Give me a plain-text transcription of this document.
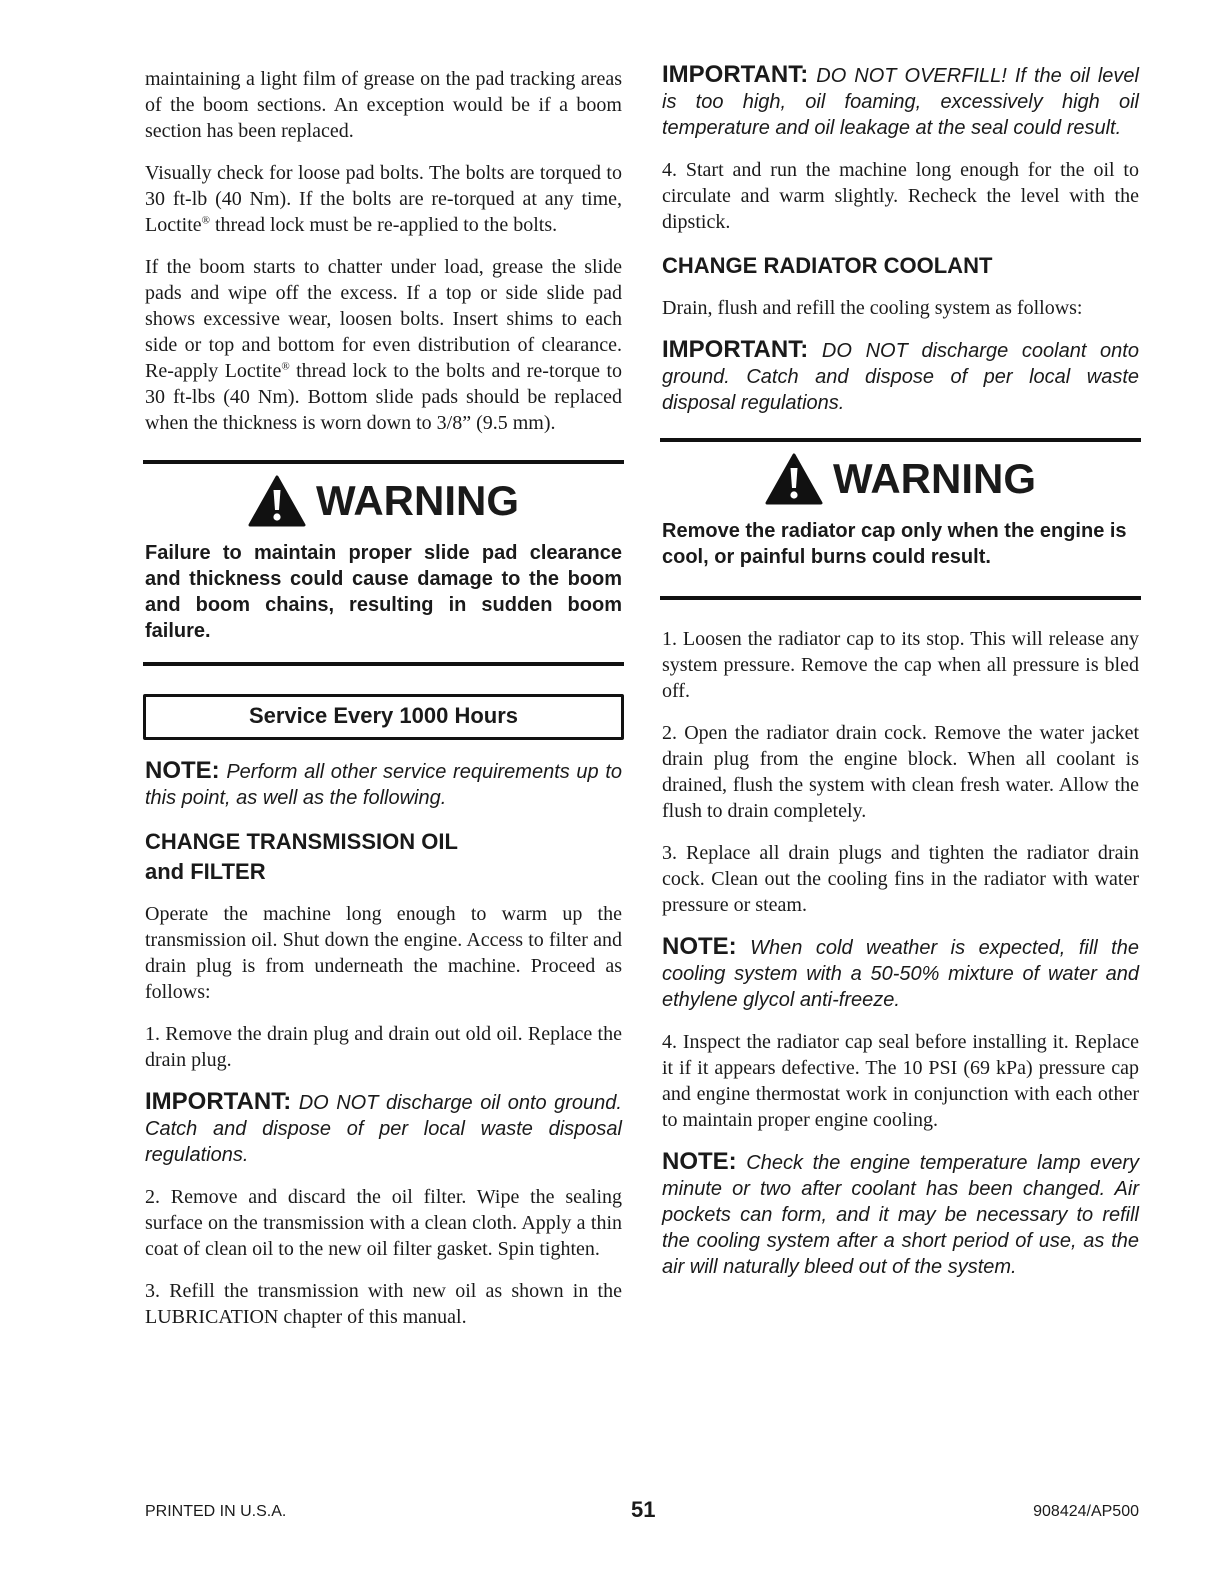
maintaining a light film of grease on the pad tracking areas of the boom sections. An exception would be if a boom section has been replaced.

Visually check for loose pad bolts. The bolts are torqued to 30 ft-lb (40 Nm). If the bolts are re-torqued at any time, Loctite® thread lock must be re-applied to the bolts.

If the boom starts to chatter under load, grease the slide pads and wipe off the excess. If a top or side slide pad shows excessive wear, loosen bolts. Insert shims to each side or top and bottom for even distribution of clearance. Re-apply Loctite® thread lock to the bolts and re-torque to 30 ft-lbs (40 Nm). Bottom slide pads should be replaced when the thickness is worn down to 3/8” (9.5 mm).

WARNING
Failure to maintain proper slide pad clearance and thickness could cause damage to the boom and boom chains, resulting in sudden boom failure.
Service Every 1000 Hours

NOTE: Perform all other service requirements up to this point, as well as the following.

CHANGE TRANSMISSION OIL
and FILTER

Operate the machine long enough to warm up the transmission oil. Shut down the engine. Access to filter and drain plug is from underneath the machine. Proceed as follows:

1. Remove the drain plug and drain out old oil. Replace the drain plug.

IMPORTANT: DO NOT discharge oil onto ground. Catch and dispose of per local waste disposal regulations.

2. Remove and discard the oil filter. Wipe the sealing surface on the transmission with a clean cloth. Apply a thin coat of clean oil to the new oil filter gasket. Spin tighten.

3. Refill the transmission with new oil as shown in the LUBRICATION chapter of this manual.

IMPORTANT: DO NOT OVERFILL! If the oil level is too high, oil foaming, excessively high oil temperature and oil leakage at the seal could result.

4. Start and run the machine long enough for the oil to circulate and warm slightly. Recheck the level with the dipstick.

CHANGE RADIATOR COOLANT

Drain, flush and refill the cooling system as follows:

IMPORTANT: DO NOT discharge coolant onto ground. Catch and dispose of per local waste disposal regulations.

WARNING
Remove the radiator cap only when the engine is cool, or painful burns could result.

1. Loosen the radiator cap to its stop. This will release any system pressure. Remove the cap when all pressure is bled off.

2. Open the radiator drain cock. Remove the water jacket drain plug from the engine block. When all coolant is drained, flush the system with clean fresh water. Allow the flush to drain completely.

3. Replace all drain plugs and tighten the radiator drain cock. Clean out the cooling fins in the radiator with water pressure or steam.

NOTE: When cold weather is expected, fill the cooling system with a 50-50% mixture of water and ethylene glycol anti-freeze.

4. Inspect the radiator cap seal before installing it. Replace it if it appears defective. The 10 PSI (69 kPa) pressure cap and engine thermostat work in conjunction with each other to maintain proper engine cooling.

NOTE: Check the engine temperature lamp every minute or two after coolant has been changed. Air pockets can form, and it may be necessary to refill the cooling system after a short period of use, as the air will naturally bleed out of the system.

PRINTED IN U.S.A.	51	908424/AP500
